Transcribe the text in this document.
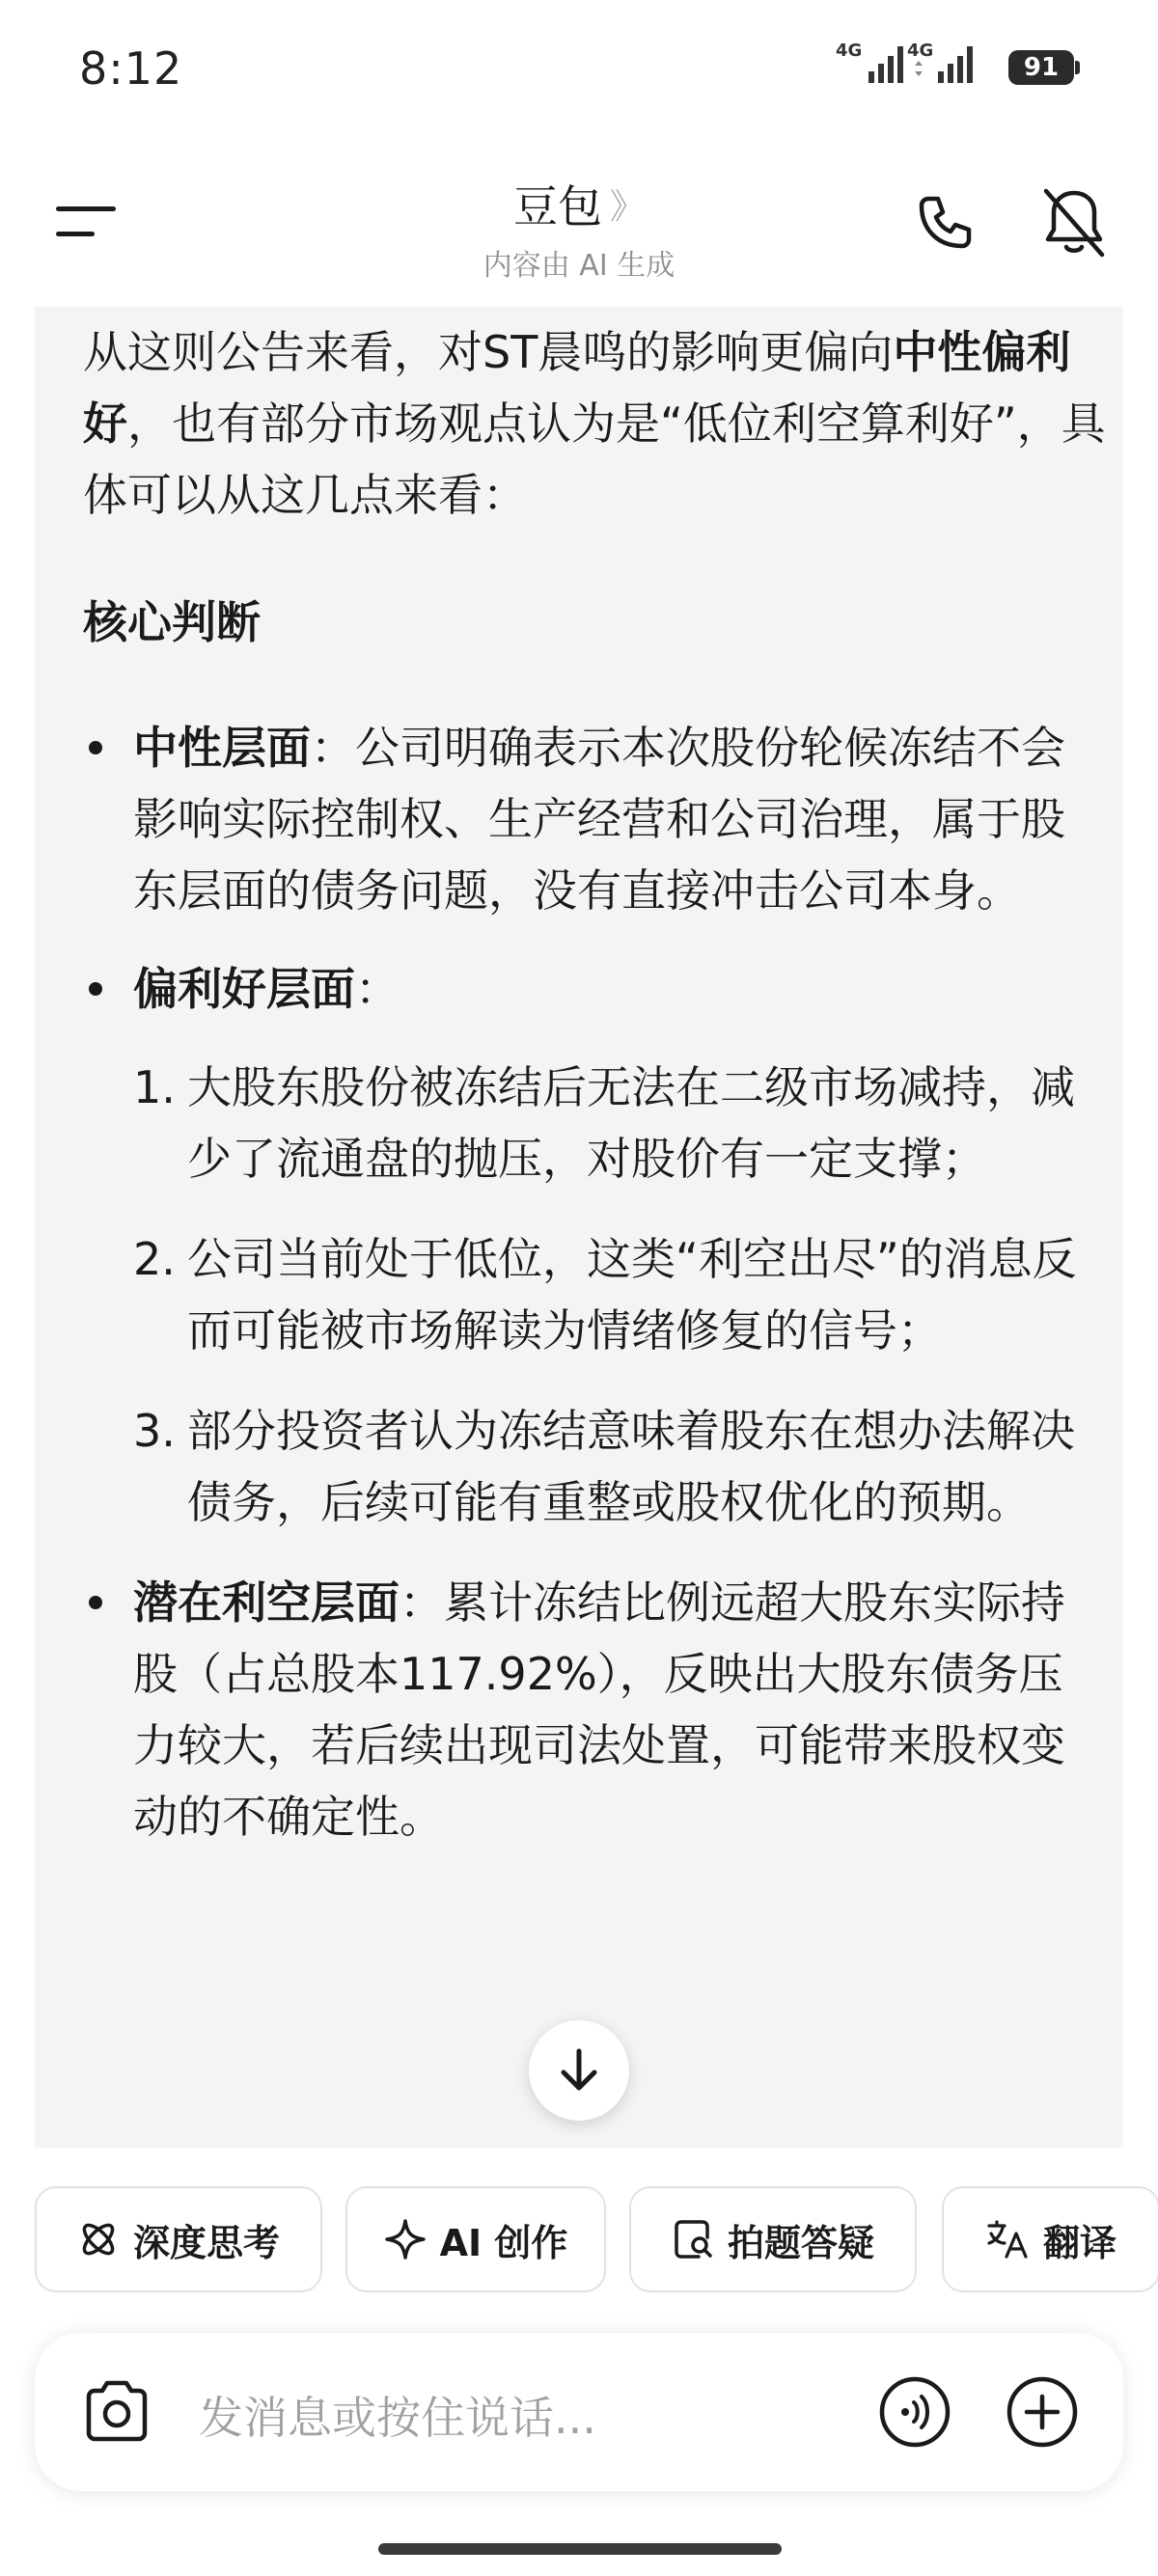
8:12	4G	4G
91
豆包 》
内容由 AI 生成

从这则公告来看，对ST晨鸣的影响更偏向中性偏利好，也有部分市场观点认为是“低位利空算利好”，具体可以从这几点来看：

核心判断

中性层面：公司明确表示本次股份轮候冻结不会影响实际控制权、生产经营和公司治理，属于股东层面的债务问题，没有直接冲击公司本身。
偏利好层面：
1. 大股东股份被冻结后无法在二级市场减持，减少了流通盘的抛压，对股价有一定支撑；
2. 公司当前处于低位，这类“利空出尽”的消息反而可能被市场解读为情绪修复的信号；
3. 部分投资者认为冻结意味着股东在想办法解决债务，后续可能有重整或股权优化的预期。
潜在利空层面：累计冻结比例远超大股东实际持股（占总股本117.92%），反映出大股东债务压力较大，若后续出现司法处置，可能带来股权变动的不确定性。
深度思考	AI 创作	拍题答疑	翻译
发消息或按住说话...
